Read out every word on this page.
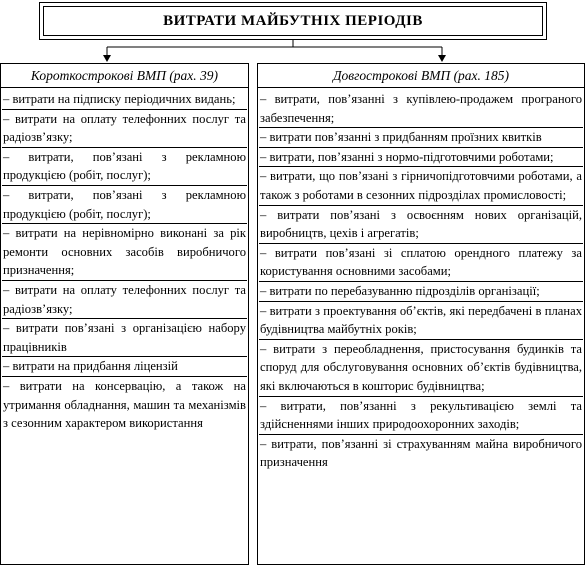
ВИТРАТИ МАЙБУТНІХ ПЕРІОДІВ
Короткострокові ВМП (рах. 39)

– витрати на підписку періодичних видань;

– витрати на оплату телефонних послуг та радіозв’язку;

– витрати, пов’язані з рекламною продукцією (робіт, послуг);

– витрати, пов’язані з рекламною продукцією (робіт, послуг);

– витрати на нерівномірно виконані за рік ремонти основних засобів виробничого призначення;

– витрати на оплату телефонних послуг та радіозв’язку;

– витрати пов’язані з організацією набору працівників

– витрати на придбання ліцензій

– витрати на консервацію, а також на утримання обладнання, машин та механізмів з сезонним характером використання

Довгострокові ВМП (рах. 185)

– витрати, пов’язанні з купівлею-продажем програного забезпечення;

– витрати пов’язанні з придбанням проїзних квитків

– витрати, пов’язанні з нормо-підготовчими роботами;

– витрати, що пов’язані з гірничопідготовчими роботами, а також з роботами в сезонних підрозділах промисловості;

– витрати пов’язані з освоєнням нових організацій, виробництв, цехів і агрегатів;

– витрати пов’язані зі сплатою орендного платежу за користування основними засобами;

– витрати по перебазуванню підрозділів організації;

– витрати з проектування об’єктів, які передбачені в планах будівництва майбутніх років;

– витрати з переобладнення, пристосування будинків та споруд для обслуговування основних об’єктів будівництва, які включаються в кошторис будівництва;

– витрати, пов’язанні з рекультивацією землі та здійсненнями інших природоохоронних заходів;

– витрати, пов’язанні зі страхуванням майна виробничого призначення
